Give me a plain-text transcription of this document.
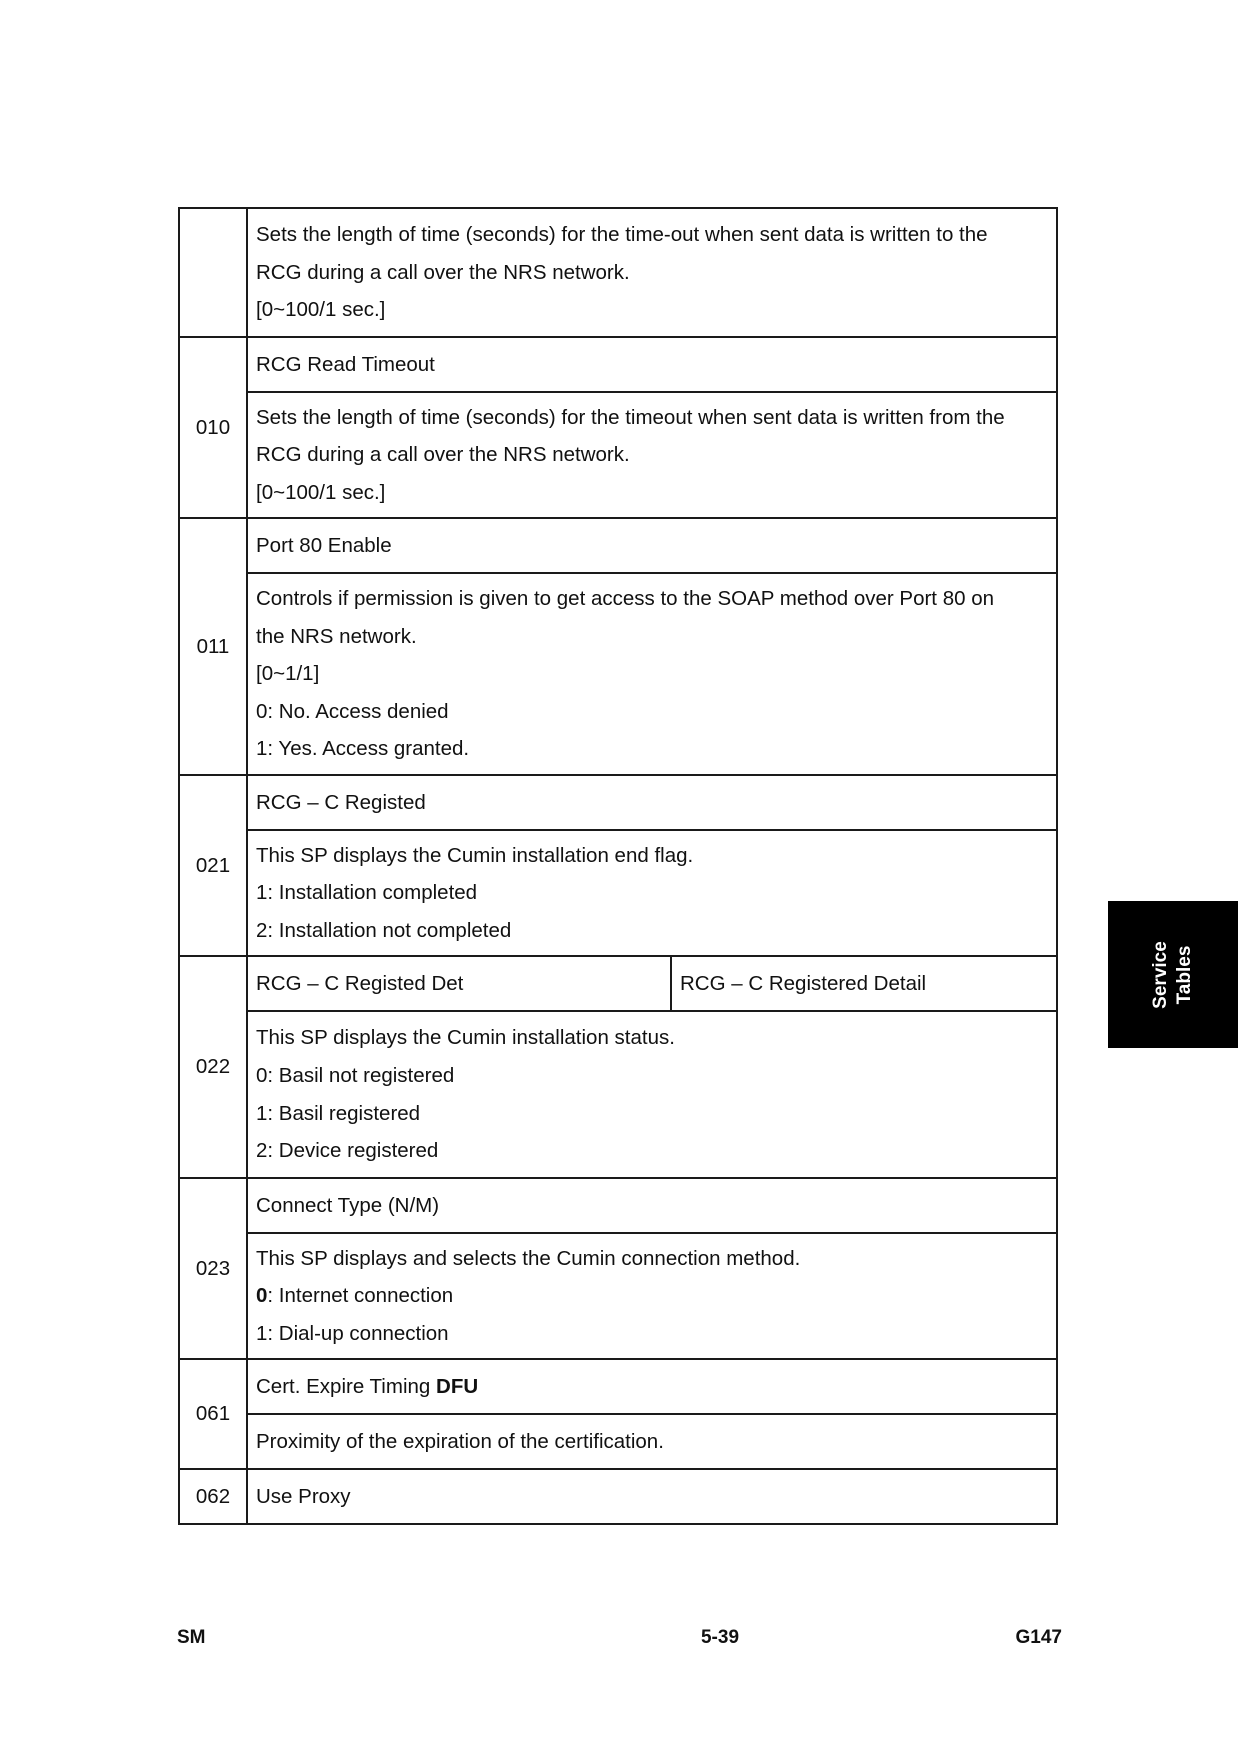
	Sets the length of time (seconds) for the time-out when sent data is written to the
RCG during a call over the NRS network.
[0~100/1 sec.]	

010	RCG Read Timeout	

	Sets the length of time (seconds) for the timeout when sent data is written from the
RCG during a call over the NRS network.
[0~100/1 sec.]	

011	Port 80 Enable	

	Controls if permission is given to get access to the SOAP method over Port 80 on
the NRS network.
[0~1/1]
0: No. Access denied
1: Yes. Access granted.	

021	RCG – C Registed	

	This SP displays the Cumin installation end flag.
1: Installation completed
2: Installation not completed	

022	RCG – C Registed Det	RCG – C Registered Detail

	This SP displays the Cumin installation status.
0: Basil not registered
1: Basil registered
2: Device registered	

023	Connect Type (N/M)	

	This SP displays and selects the Cumin connection method.
0: Internet connection
1: Dial-up connection	

061	Cert. Expire Timing DFU	
	Proximity of the expiration of the certification.	
062	Use Proxy	
Service Tables
SM	5-39	G147
